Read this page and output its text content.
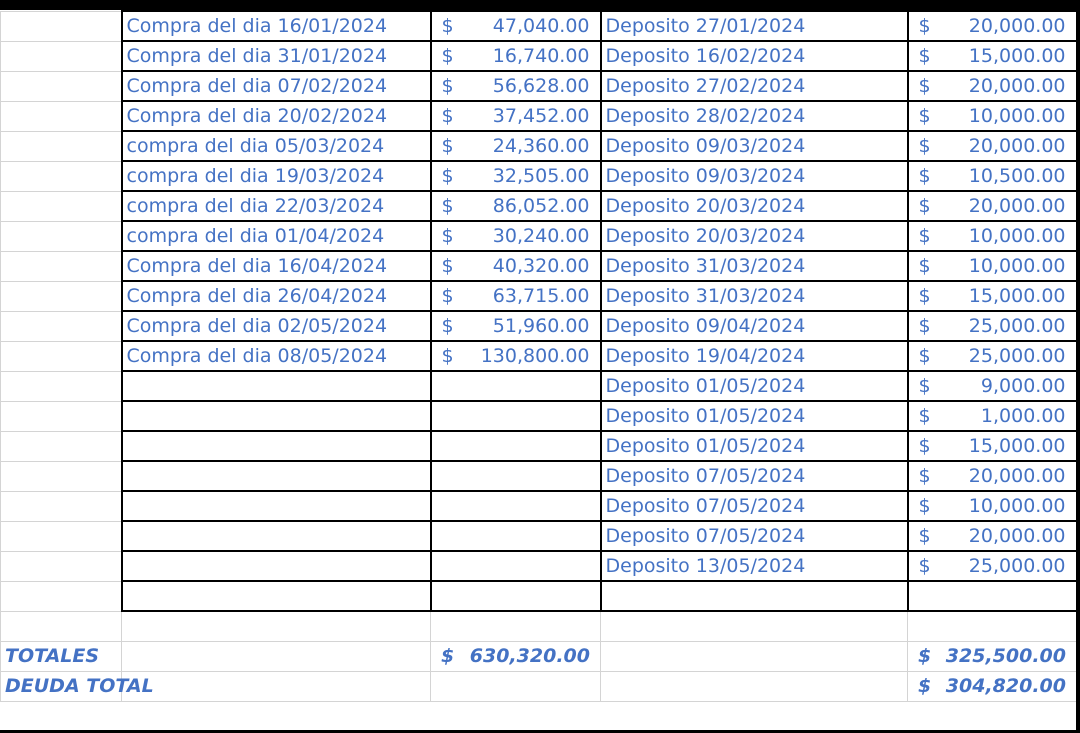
	Compra del dia 16/01/2024	$ 47,040.00	Deposito 27/01/2024	$ 20,000.00

	Compra del dia 31/01/2024	$ 16,740.00	Deposito 16/02/2024	$ 15,000.00

	Compra del dia 07/02/2024	$ 56,628.00	Deposito 27/02/2024	$ 20,000.00

	Compra del dia 20/02/2024	$ 37,452.00	Deposito 28/02/2024	$ 10,000.00

	compra del dia 05/03/2024	$ 24,360.00	Deposito 09/03/2024	$ 20,000.00

	compra del dia 19/03/2024	$ 32,505.00	Deposito 09/03/2024	$ 10,500.00

	compra del dia 22/03/2024	$ 86,052.00	Deposito 20/03/2024	$ 20,000.00

	compra del dia 01/04/2024	$ 30,240.00	Deposito 20/03/2024	$ 10,000.00

	Compra del dia 16/04/2024	$ 40,320.00	Deposito 31/03/2024	$ 10,000.00

	Compra del dia 26/04/2024	$ 63,715.00	Deposito 31/03/2024	$ 15,000.00

	Compra del dia 02/05/2024	$ 51,960.00	Deposito 09/04/2024	$ 25,000.00

	Compra del dia 08/05/2024	$ 130,800.00	Deposito 19/04/2024	$ 25,000.00

			Deposito 01/05/2024	$ 9,000.00

			Deposito 01/05/2024	$ 1,000.00

			Deposito 01/05/2024	$ 15,000.00

			Deposito 07/05/2024	$ 20,000.00

			Deposito 07/05/2024	$ 10,000.00

			Deposito 07/05/2024	$ 20,000.00

			Deposito 13/05/2024	$ 25,000.00

TOTALES		$ 630,320.00		$ 325,500.00

DEUDA TOTAL				$ 304,820.00
